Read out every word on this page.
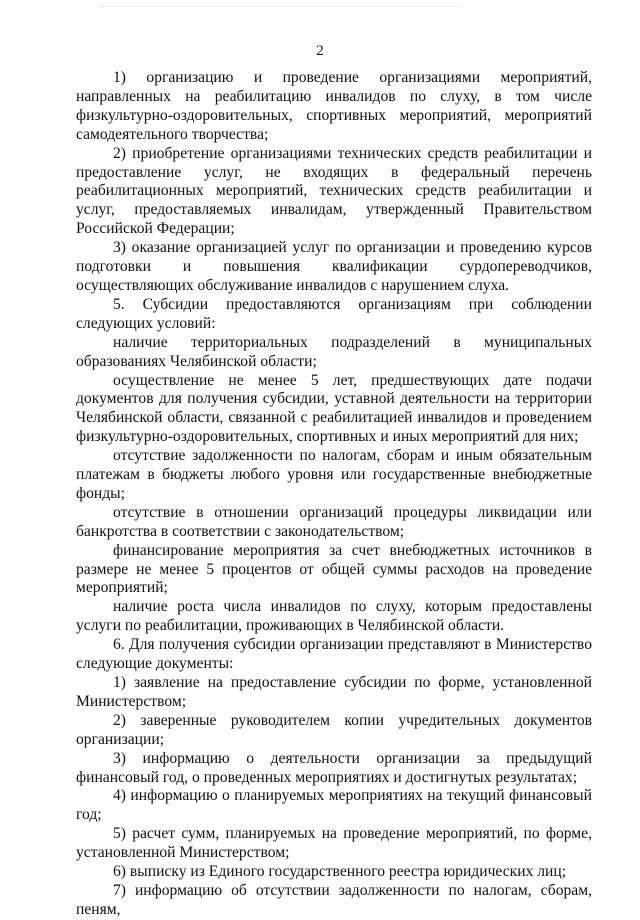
2

1) организацию и проведение организациями мероприятий, направленных на реабилитацию инвалидов по слуху, в том числе физкультурно-оздоровительных, спортивных мероприятий, мероприятий самодеятельного творчества;

2) приобретение организациями технических средств реабилитации и предоставление услуг, не входящих в федеральный перечень реабилитационных мероприятий, технических средств реабилитации и услуг, предоставляемых инвалидам, утвержденный Правительством Российской Федерации;

3) оказание организацией услуг по организации и проведению курсов подготовки и повышения квалификации сурдопереводчиков, осуществляющих обслуживание инвалидов с нарушением слуха.

5. Субсидии предоставляются организациям при соблюдении следующих условий:

наличие территориальных подразделений в муниципальных образованиях Челябинской области;

осуществление не менее 5 лет, предшествующих дате подачи документов для получения субсидии, уставной деятельности на территории Челябинской области, связанной с реабилитацией инвалидов и проведением физкультурно-оздоровительных, спортивных и иных мероприятий для них;

отсутствие задолженности по налогам, сборам и иным обязательным платежам в бюджеты любого уровня или государственные внебюджетные фонды;

отсутствие в отношении организаций процедуры ликвидации или банкротства в соответствии с законодательством;

финансирование мероприятия за счет внебюджетных источников в размере не менее 5 процентов от общей суммы расходов на проведение мероприятий;

наличие роста числа инвалидов по слуху, которым предоставлены услуги по реабилитации, проживающих в Челябинской области.

6. Для получения субсидии организации представляют в Министерство следующие документы:

1) заявление на предоставление субсидии по форме, установленной Министерством;

2) заверенные руководителем копии учредительных документов организации;

3) информацию о деятельности организации за предыдущий финансовый год, о проведенных мероприятиях и достигнутых результатах;

4) информацию о планируемых мероприятиях на текущий финансовый год;

5) расчет сумм, планируемых на проведение мероприятий, по форме, установленной Министерством;

6) выписку из Единого государственного реестра юридических лиц;

7) информацию об отсутствии задолженности по налогам, сборам, пеням,
